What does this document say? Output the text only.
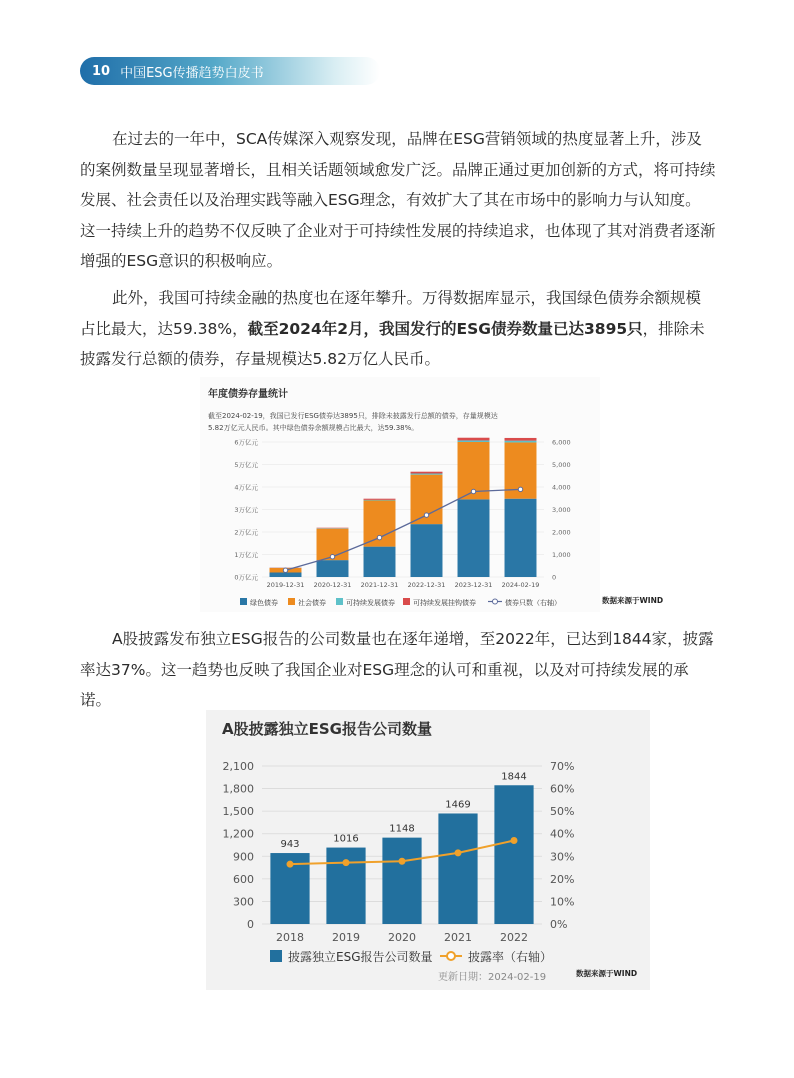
10 中国ESG传播趋势白皮书

在过去的一年中，SCA传媒深入观察发现，品牌在ESG营销领域的热度显著上升，涉及的案例数量呈现显著增长，且相关话题领域愈发广泛。品牌正通过更加创新的方式，将可持续发展、社会责任以及治理实践等融入ESG理念，有效扩大了其在市场中的影响力与认知度。这一持续上升的趋势不仅反映了企业对于可持续性发展的持续追求，也体现了其对消费者逐渐增强的ESG意识的积极响应。

此外，我国可持续金融的热度也在逐年攀升。万得数据库显示，我国绿色债券余额规模占比最大，达59.38%，截至2024年2月，我国发行的ESG债券数量已达3895只，排除未披露发行总额的债券，存量规模达5.82万亿人民币。

年度债券存量统计
截至2024-02-19，我国已发行ESG债券达3895只，排除未披露发行总额的债券，存量规模达
5.82万亿元人民币。其中绿色债券余额规模占比最大，达59.38%。
2019-12-31 2020-12-31 2021-12-31 2022-12-31 2023-12-31 2024-02-19
0万亿元
1万亿元
2万亿元
3万亿元
4万亿元
5万亿元
6万亿元
0
1,000
2,000
3,000
4,000
5,000
6,000
绿色债券	社会债券	可持续发展债券	可持续发展挂钩债券	债券只数（右轴）	数据来源于WIND

A股披露发布独立ESG报告的公司数量也在逐年递增，至2022年，已达到1844家，披露率达37%。这一趋势也反映了我国企业对ESG理念的认可和重视，以及对可持续发展的承诺。

A股披露独立ESG报告公司数量
943	1016
1148
1469
1844
2018	2019	2020	2021	2022
0
300
600
900
1,200
1,500
1,800
2,100
0%
10%
20%
30%
40%
50%
60%
70%
披露独立ESG报告公司数量	披露率（右轴）
更新日期：2024-02-19	数据来源于WIND
